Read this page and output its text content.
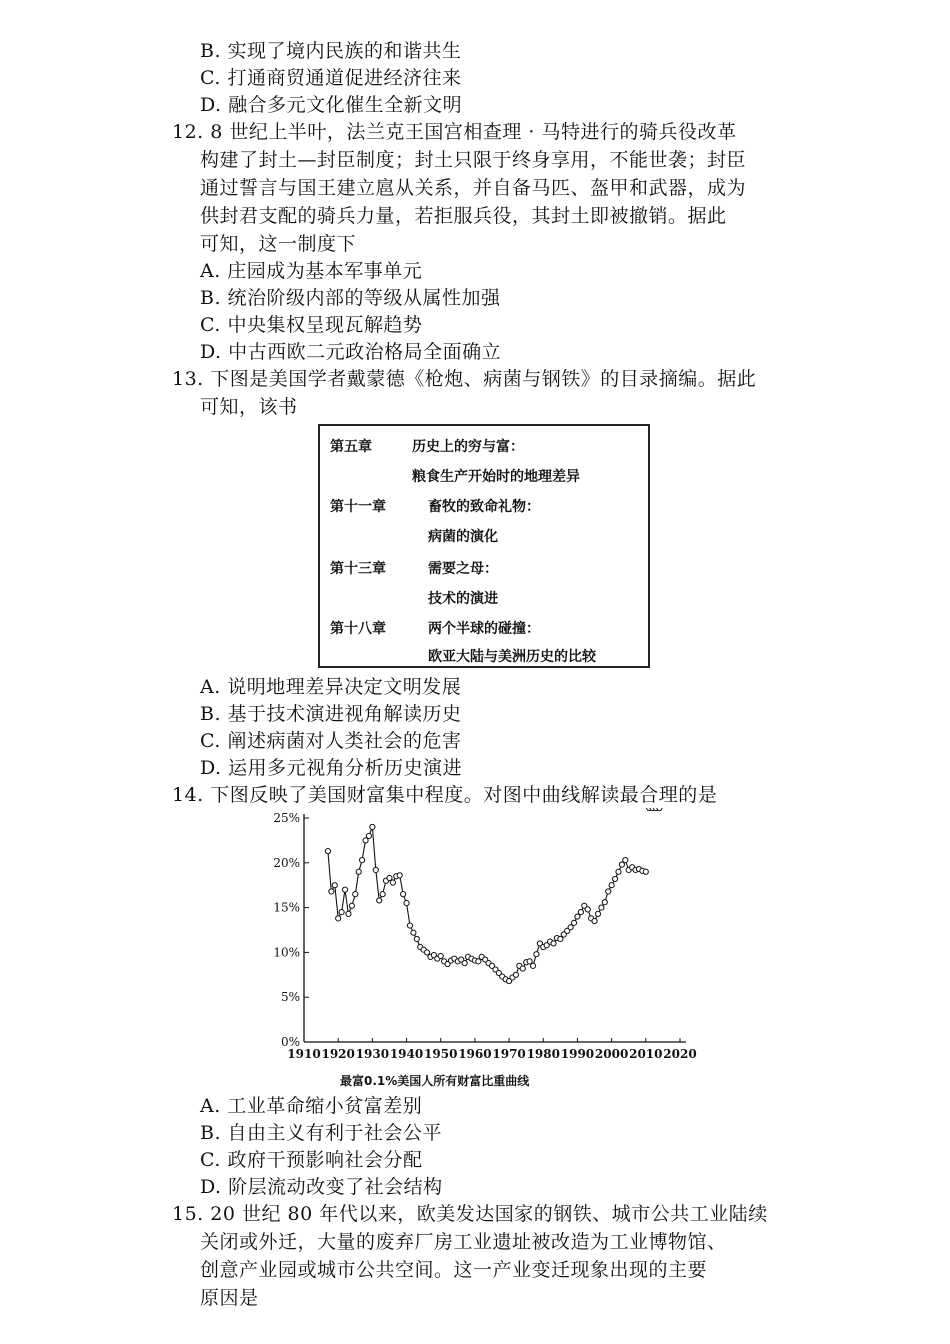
B. 实现了境内民族的和谐共生
C. 打通商贸通道促进经济往来
D. 融合多元文化催生全新文明
12. 8 世纪上半叶，法兰克王国宫相查理 · 马特进行的骑兵役改革
构建了封土—封臣制度；封土只限于终身享用，不能世袭；封臣
通过誓言与国王建立扈从关系，并自备马匹、盔甲和武器，成为
供封君支配的骑兵力量，若拒服兵役，其封土即被撤销。据此
可知，这一制度下
A. 庄园成为基本军事单元
B. 统治阶级内部的等级从属性加强
C. 中央集权呈现瓦解趋势
D. 中古西欧二元政治格局全面确立
13. 下图是美国学者戴蒙德《枪炮、病菌与钢铁》的目录摘编。据此
可知，该书
第五章	历史上的穷与富：
粮食生产开始时的地理差异
第十一章	畜牧的致命礼物：
病菌的演化
第十三章	需要之母：
技术的演进
第十八章	两个半球的碰撞：
欧亚大陆与美洲历史的比较
A. 说明地理差异决定文明发展
B. 基于技术演进视角解读历史
C. 阐述病菌对人类社会的危害
D. 运用多元视角分析历史演进
14. 下图反映了美国财富集中程度。对图中曲线解读最合理的是
0%
5%
10%
15%
20%
25%
1910 1920 1930 1940 1950 1960 1970 1980 1990 2000 2010 2020
最富0.1%美国人所有财富比重曲线
A. 工业革命缩小贫富差别
B. 自由主义有利于社会公平
C. 政府干预影响社会分配
D. 阶层流动改变了社会结构
15. 20 世纪 80 年代以来，欧美发达国家的钢铁、城市公共工业陆续
关闭或外迁，大量的废弃厂房工业遗址被改造为工业博物馆、
创意产业园或城市公共空间。这一产业变迁现象出现的主要
原因是
